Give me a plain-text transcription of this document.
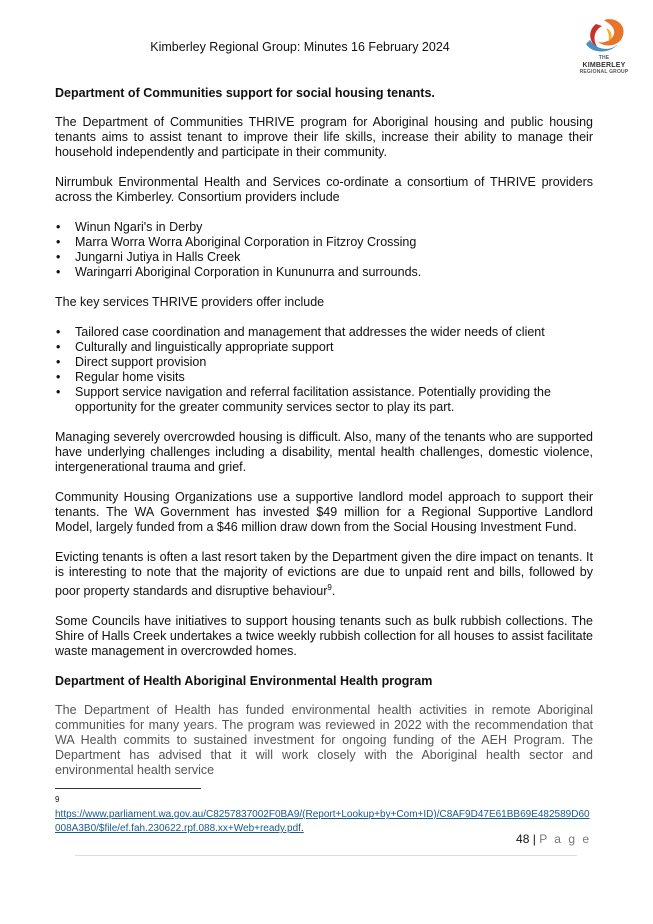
Kimberley Regional Group: Minutes 16 February 2024
THE
KIMBERLEY
REGIONAL GROUP
Department of Communities support for social housing tenants.

The Department of Communities THRIVE program for Aboriginal housing and public housing tenants aims to assist tenant to improve their life skills, increase their ability to manage their household independently and participate in their community.

Nirrumbuk Environmental Health and Services co-ordinate a consortium of THRIVE providers across the Kimberley. Consortium providers include

• Winun Ngari's in Derby
• Marra Worra Worra Aboriginal Corporation in Fitzroy Crossing
• Jungarni Jutiya in Halls Creek
• Waringarri Aboriginal Corporation in Kununurra and surrounds.

The key services THRIVE providers offer include

• Tailored case coordination and management that addresses the wider needs of client
• Culturally and linguistically appropriate support
• Direct support provision
• Regular home visits
• Support service navigation and referral facilitation assistance. Potentially providing the opportunity for the greater community services sector to play its part.

Managing severely overcrowded housing is difficult. Also, many of the tenants who are supported have underlying challenges including a disability, mental health challenges, domestic violence, intergenerational trauma and grief.

Community Housing Organizations use a supportive landlord model approach to support their tenants. The WA Government has invested $49 million for a Regional Supportive Landlord Model, largely funded from a $46 million draw down from the Social Housing Investment Fund.

Evicting tenants is often a last resort taken by the Department given the dire impact on tenants. It is interesting to note that the majority of evictions are due to unpaid rent and bills, followed by poor property standards and disruptive behaviour$^9$.

Some Councils have initiatives to support housing tenants such as bulk rubbish collections. The Shire of Halls Creek undertakes a twice weekly rubbish collection for all houses to assist facilitate waste management in overcrowded homes.

Department of Health Aboriginal Environmental Health program

The Department of Health has funded environmental health activities in remote Aboriginal communities for many years. The program was reviewed in 2022 with the recommendation that WA Health commits to sustained investment for ongoing funding of the AEH Program. The Department has advised that it will work closely with the Aboriginal health sector and environmental health service

9
https://www.parliament.wa.gov.au/C8257837002F0BA9/(Report+Lookup+by+Com+ID)/C8AF9D47E61BB69E482589D60008A3B0/$file/ef.fah.230622.rpf.088.xx+Web+ready.pdf.
48 | P a g e
